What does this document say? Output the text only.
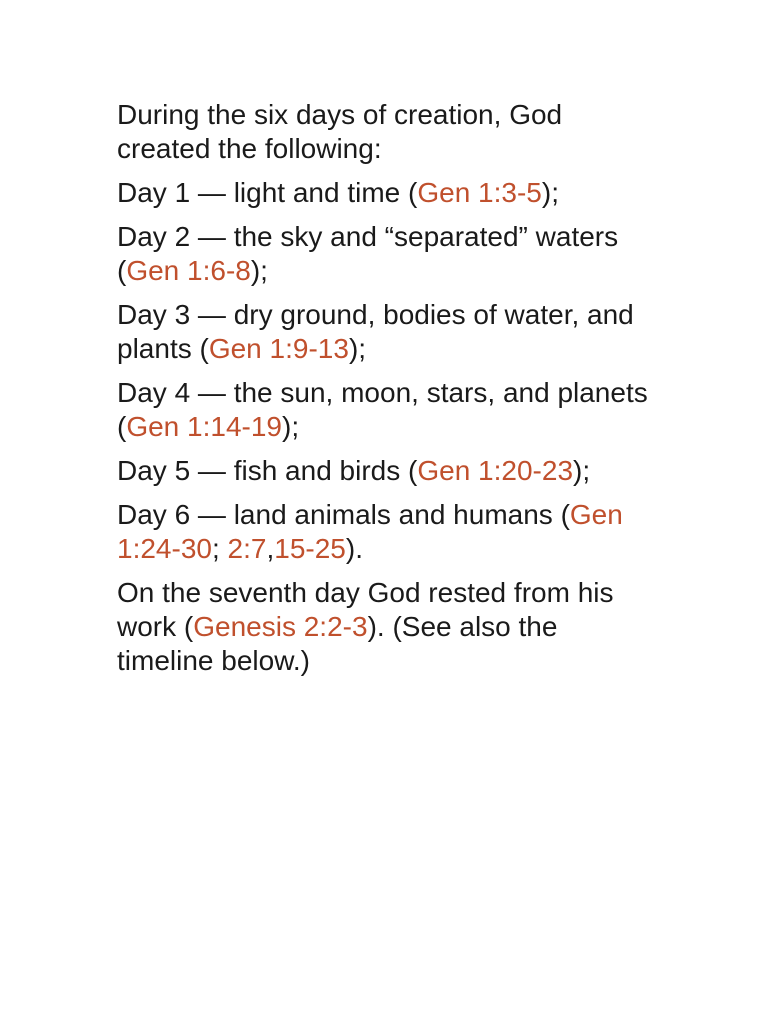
During the six days of creation, God created the following:

Day 1 — light and time (Gen 1:3-5);

Day 2 — the sky and “separated” waters (Gen 1:6-8);

Day 3 — dry ground, bodies of water, and plants (Gen 1:9-13);

Day 4 — the sun, moon, stars, and planets (Gen 1:14-19);

Day 5 — fish and birds (Gen 1:20-23);

Day 6 — land animals and humans (Gen 1:24-30; 2:7,15-25).

On the seventh day God rested from his work (Genesis 2:2-3). (See also the timeline below.)
